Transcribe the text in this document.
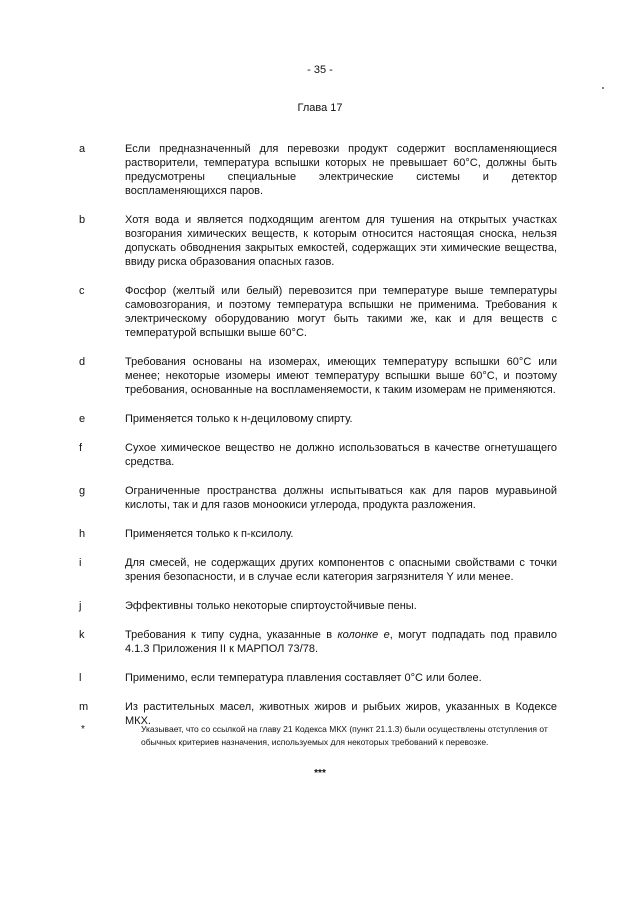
- 35 -
Глава 17
a	Если предназначенный для перевозки продукт содержит воспламеняющиеся растворители, температура вспышки которых не превышает 60°С, должны быть предусмотрены специальные электрические системы и детектор воспламеняющихся паров.
b	Хотя вода и является подходящим агентом для тушения на открытых участках возгорания химических веществ, к которым относится настоящая сноска, нельзя допускать обводнения закрытых емкостей, содержащих эти химические вещества, ввиду риска образования опасных газов.
c	Фосфор (желтый или белый) перевозится при температуре выше температуры самовозгорания, и поэтому температура вспышки не применима. Требования к электрическому оборудованию могут быть такими же, как и для веществ с температурой вспышки выше 60°С.
d	Требования основаны на изомерах, имеющих температуру вспышки 60°С или менее; некоторые изомеры имеют температуру вспышки выше 60°С, и поэтому требования, основанные на воспламеняемости, к таким изомерам не применяются.
e	Применяется только к н-дециловому спирту.
f	Сухое химическое вещество не должно использоваться в качестве огнетушащего средства.
g	Ограниченные пространства должны испытываться как для паров муравьиной кислоты, так и для газов моноокиси углерода, продукта разложения.
h	Применяется только к п-ксилолу.
i	Для смесей, не содержащих других компонентов с опасными свойствами с точки зрения безопасности, и в случае если категория загрязнителя Y или менее.
j	Эффективны только некоторые спиртоустойчивые пены.
k	Требования к типу судна, указанные в колонке e, могут подпадать под правило 4.1.3 Приложения II к МАРПОЛ 73/78.
l	Применимо, если температура плавления составляет 0°С или более.
m	Из растительных масел, животных жиров и рыбьих жиров, указанных в Кодексе МКХ.
*	Указывает, что со ссылкой на главу 21 Кодекса МКХ (пункт 21.1.3) были осуществлены отступления от обычных критериев назначения, используемых для некоторых требований к перевозке.
***
